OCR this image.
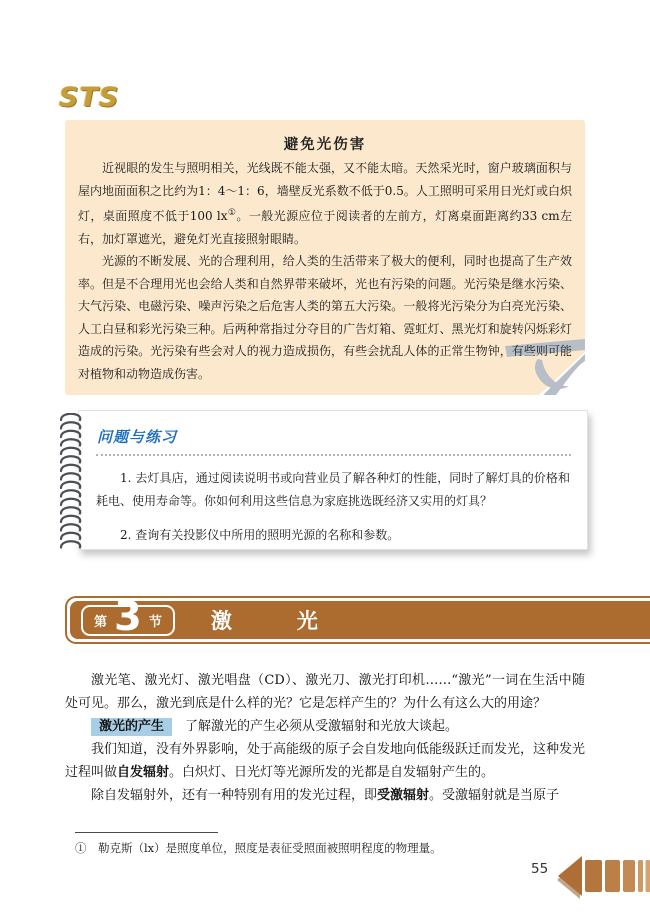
STS
避免光伤害

近视眼的发生与照明相关，光线既不能太强，又不能太暗。天然采光时，窗户玻璃面积与屋内地面面积之比约为1：4～1：6，墙壁反光系数不低于0.5。人工照明可采用日光灯或白炽灯，桌面照度不低于100 lx①。一般光源应位于阅读者的左前方，灯离桌面距离约33 cm左右，加灯罩遮光，避免灯光直接照射眼睛。

光源的不断发展、光的合理利用，给人类的生活带来了极大的便利，同时也提高了生产效率。但是不合理用光也会给人类和自然界带来破坏，光也有污染的问题。光污染是继水污染、大气污染、电磁污染、噪声污染之后危害人类的第五大污染。一般将光污染分为白亮光污染、人工白昼和彩光污染三种。后两种常指过分夺目的广告灯箱、霓虹灯、黑光灯和旋转闪烁彩灯造成的污染。光污染有些会对人的视力造成损伤，有些会扰乱人体的正常生物钟，有些则可能对植物和动物造成伤害。

问题与练习

1. 去灯具店，通过阅读说明书或向营业员了解各种灯的性能，同时了解灯具的价格和耗电、使用寿命等。你如何利用这些信息为家庭挑选既经济又实用的灯具？

2. 查询有关投影仪中所用的照明光源的名称和参数。

第 3 节 激　光

激光笔、激光灯、激光唱盘（CD）、激光刀、激光打印机……“激光”一词在生活中随处可见。那么，激光到底是什么样的光？它是怎样产生的？为什么有这么大的用途？

激光的产生　 了解激光的产生必须从受激辐射和光放大谈起。

我们知道，没有外界影响，处于高能级的原子会自发地向低能级跃迁而发光，这种发光过程叫做自发辐射。白炽灯、日光灯等光源所发的光都是自发辐射产生的。

除自发辐射外，还有一种特别有用的发光过程，即受激辐射。受激辐射就是当原子

①　 勒克斯（lx）是照度单位，照度是表征受照面被照明程度的物理量。

55
